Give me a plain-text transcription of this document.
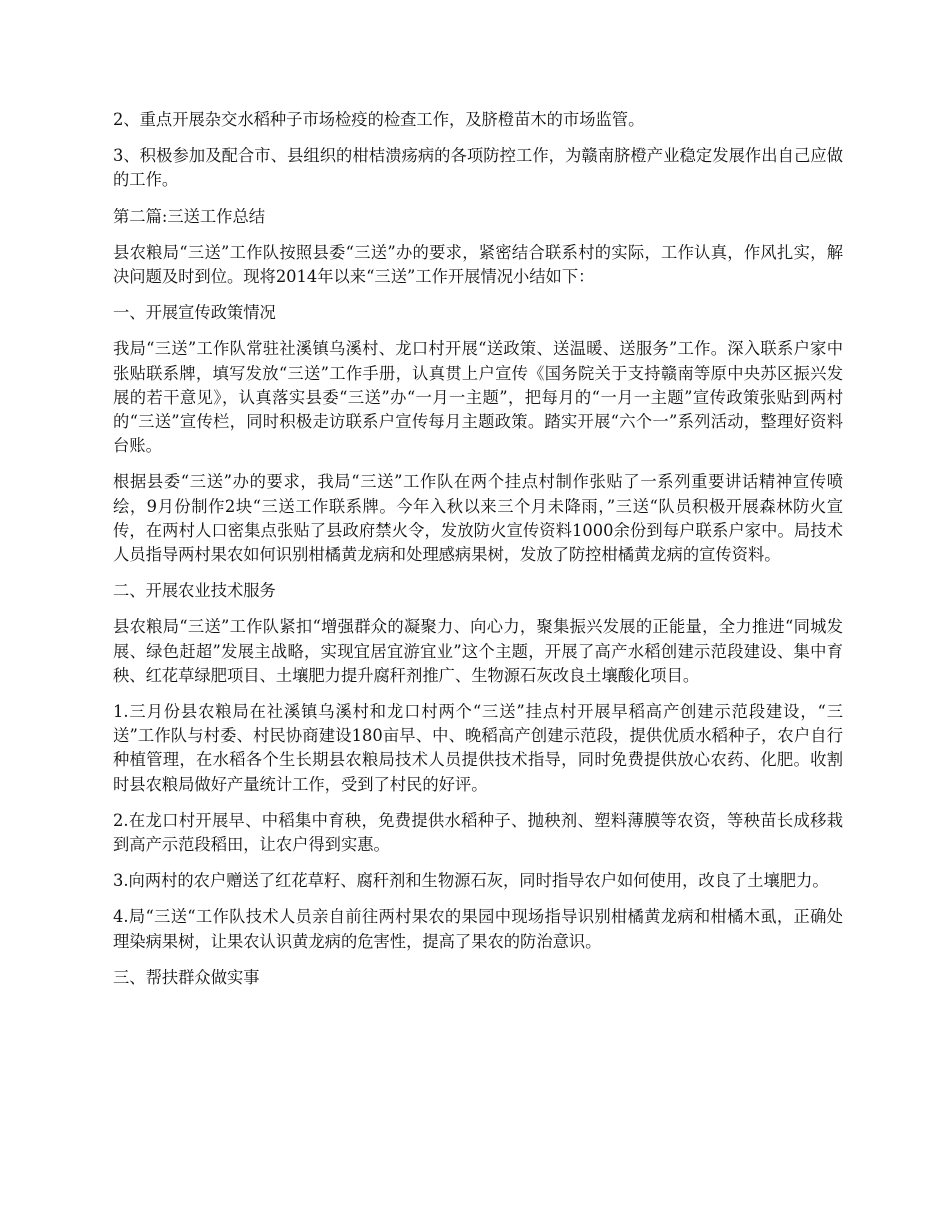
2、重点开展杂交水稻种子市场检疫的检查工作，及脐橙苗木的市场监管。

3、积极参加及配合市、县组织的柑桔溃疡病的各项防控工作，为赣南脐橙产业稳定发展作出自己应做的工作。

第二篇:三送工作总结

县农粮局“三送”工作队按照县委“三送”办的要求，紧密结合联系村的实际，工作认真，作风扎实，解决问题及时到位。现将2014年以来“三送”工作开展情况小结如下：

一、开展宣传政策情况

我局“三送”工作队常驻社溪镇乌溪村、龙口村开展“送政策、送温暖、送服务”工作。深入联系户家中张贴联系牌，填写发放“三送”工作手册，认真贯上户宣传《国务院关于支持赣南等原中央苏区振兴发展的若干意见》，认真落实县委“三送”办“一月一主题”，把每月的“一月一主题”宣传政策张贴到两村的“三送”宣传栏，同时积极走访联系户宣传每月主题政策。踏实开展“六个一”系列活动，整理好资料台账。

根据县委“三送”办的要求，我局“三送”工作队在两个挂点村制作张贴了一系列重要讲话精神宣传喷绘，9月份制作2块“三送工作联系牌。今年入秋以来三个月未降雨，”三送“队员积极开展森林防火宣传，在两村人口密集点张贴了县政府禁火令，发放防火宣传资料1000余份到每户联系户家中。局技术人员指导两村果农如何识别柑橘黄龙病和处理感病果树，发放了防控柑橘黄龙病的宣传资料。

二、开展农业技术服务

县农粮局“三送”工作队紧扣“增强群众的凝聚力、向心力，聚集振兴发展的正能量，全力推进“同城发展、绿色赶超”发展主战略，实现宜居宜游宜业”这个主题，开展了高产水稻创建示范段建设、集中育秧、红花草绿肥项目、土壤肥力提升腐秆剂推广、生物源石灰改良土壤酸化项目。

1.三月份县农粮局在社溪镇乌溪村和龙口村两个“三送”挂点村开展早稻高产创建示范段建设，“三送”工作队与村委、村民协商建设180亩早、中、晚稻高产创建示范段，提供优质水稻种子，农户自行种植管理，在水稻各个生长期县农粮局技术人员提供技术指导，同时免费提供放心农药、化肥。收割时县农粮局做好产量统计工作，受到了村民的好评。

2.在龙口村开展早、中稻集中育秧，免费提供水稻种子、抛秧剂、塑料薄膜等农资，等秧苗长成移栽到高产示范段稻田，让农户得到实惠。

3.向两村的农户赠送了红花草籽、腐秆剂和生物源石灰，同时指导农户如何使用，改良了土壤肥力。

4.局“三送“工作队技术人员亲自前往两村果农的果园中现场指导识别柑橘黄龙病和柑橘木虱，正确处理染病果树，让果农认识黄龙病的危害性，提高了果农的防治意识。

三、帮扶群众做实事
